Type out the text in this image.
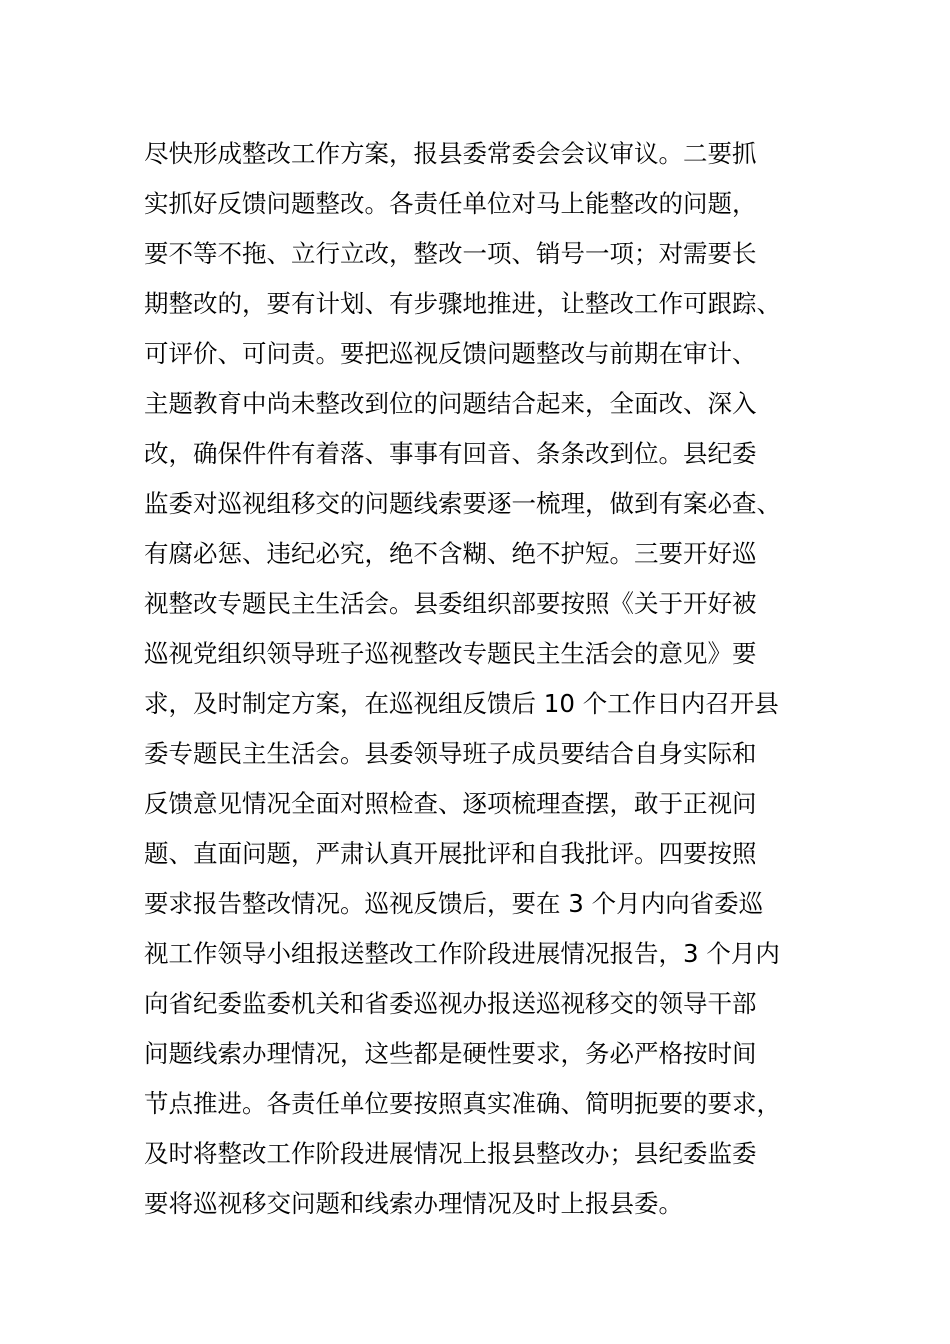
尽快形成整改工作方案，报县委常委会会议审议。二要抓
实抓好反馈问题整改。各责任单位对马上能整改的问题，
要不等不拖、立行立改，整改一项、销号一项；对需要长
期整改的，要有计划、有步骤地推进，让整改工作可跟踪、
可评价、可问责。要把巡视反馈问题整改与前期在审计、
主题教育中尚未整改到位的问题结合起来，全面改、深入
改，确保件件有着落、事事有回音、条条改到位。县纪委
监委对巡视组移交的问题线索要逐一梳理，做到有案必查、
有腐必惩、违纪必究，绝不含糊、绝不护短。三要开好巡
视整改专题民主生活会。县委组织部要按照《关于开好被
巡视党组织领导班子巡视整改专题民主生活会的意见》要
求，及时制定方案，在巡视组反馈后 10 个工作日内召开县
委专题民主生活会。县委领导班子成员要结合自身实际和
反馈意见情况全面对照检查、逐项梳理查摆，敢于正视问
题、直面问题，严肃认真开展批评和自我批评。四要按照
要求报告整改情况。巡视反馈后，要在 3 个月内向省委巡
视工作领导小组报送整改工作阶段进展情况报告，3 个月内
向省纪委监委机关和省委巡视办报送巡视移交的领导干部
问题线索办理情况，这些都是硬性要求，务必严格按时间
节点推进。各责任单位要按照真实准确、简明扼要的要求，
及时将整改工作阶段进展情况上报县整改办；县纪委监委
要将巡视移交问题和线索办理情况及时上报县委。
